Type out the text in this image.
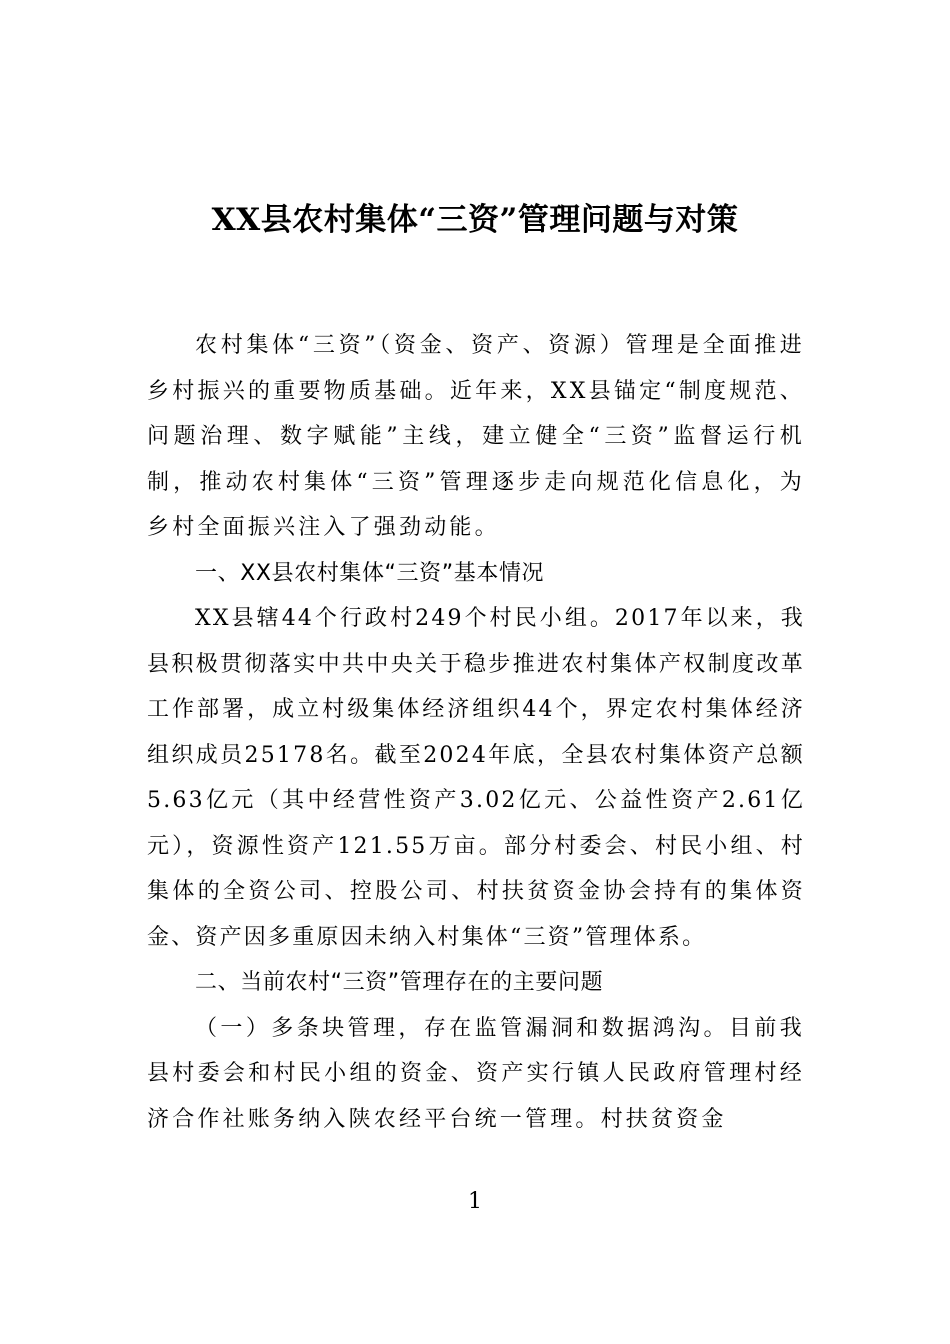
XX县农村集体“三资”管理问题与对策

农村集体“三资”（资金、资产、资源）管理是全面推进乡村振兴的重要物质基础。近年来，XX县锚定“制度规范、问题治理、数字赋能”主线，建立健全“三资”监督运行机制，推动农村集体“三资”管理逐步走向规范化信息化，为乡村全面振兴注入了强劲动能。

一、XX县农村集体“三资”基本情况

XX县辖44个行政村249个村民小组。2017年以来，我县积极贯彻落实中共中央关于稳步推进农村集体产权制度改革工作部署，成立村级集体经济组织44个，界定农村集体经济组织成员25178名。截至2024年底，全县农村集体资产总额5.63亿元（其中经营性资产3.02亿元、公益性资产2.61亿元），资源性资产121.55万亩。部分村委会、村民小组、村集体的全资公司、控股公司、村扶贫资金协会持有的集体资金、资产因多重原因未纳入村集体“三资”管理体系。

二、当前农村“三资”管理存在的主要问题

（一）多条块管理，存在监管漏洞和数据鸿沟。目前我县村委会和村民小组的资金、资产实行镇人民政府管理村经济合作社账务纳入陕农经平台统一管理。村扶贫资金

1
